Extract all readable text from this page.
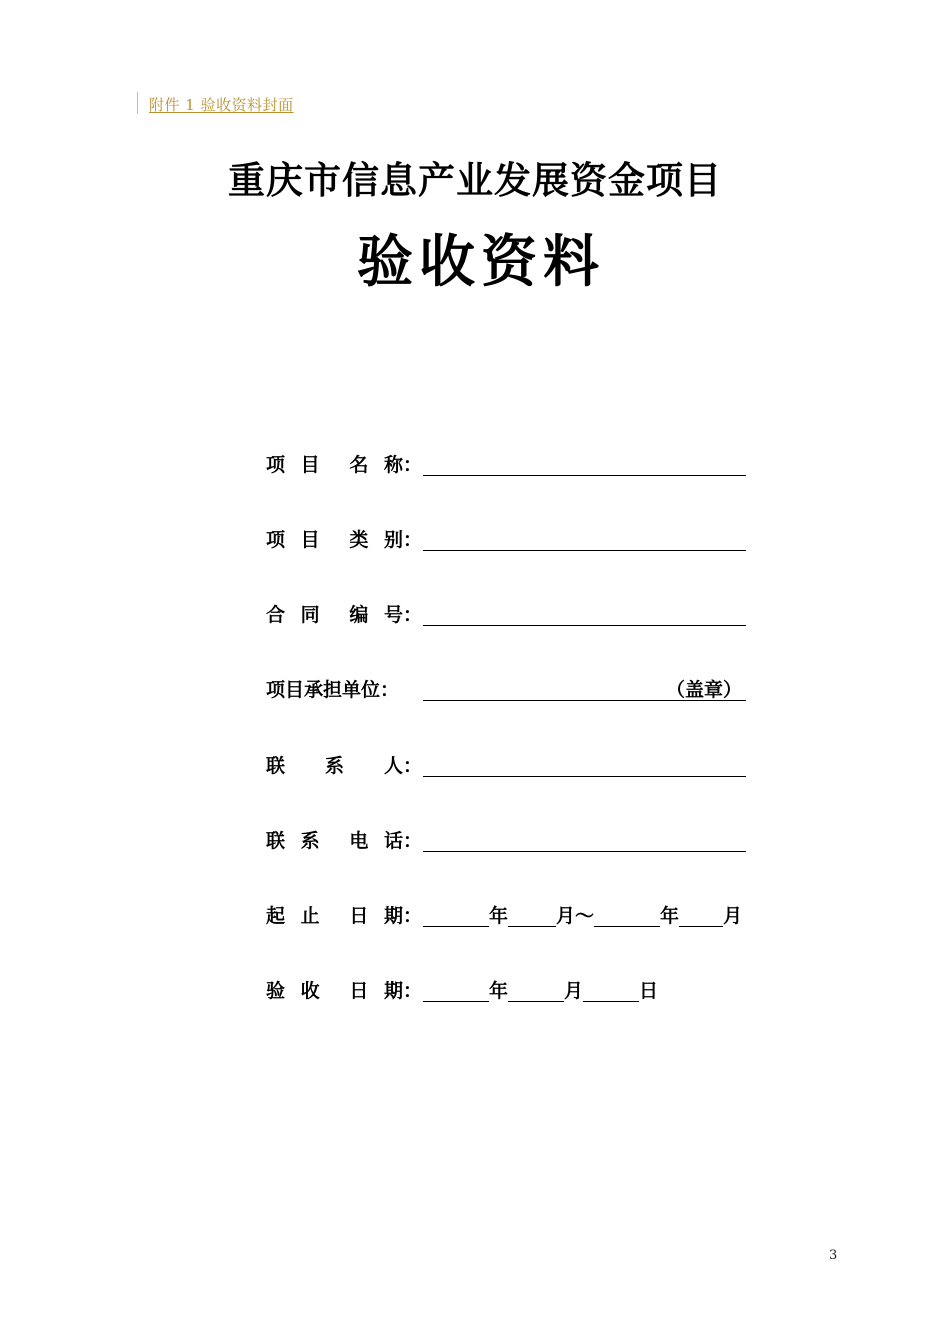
附件 1 验收资料封面
重庆市信息产业发展资金项目
验收资料
项 目 名 称：
项 目 类 别：
合 同 编 号：
项目承担单位：	（盖章）
联 系 人：
联 系 电 话：
起 止 日 期：	年	月 ～	年 月
验 收 日 期：	年	月	日
3
